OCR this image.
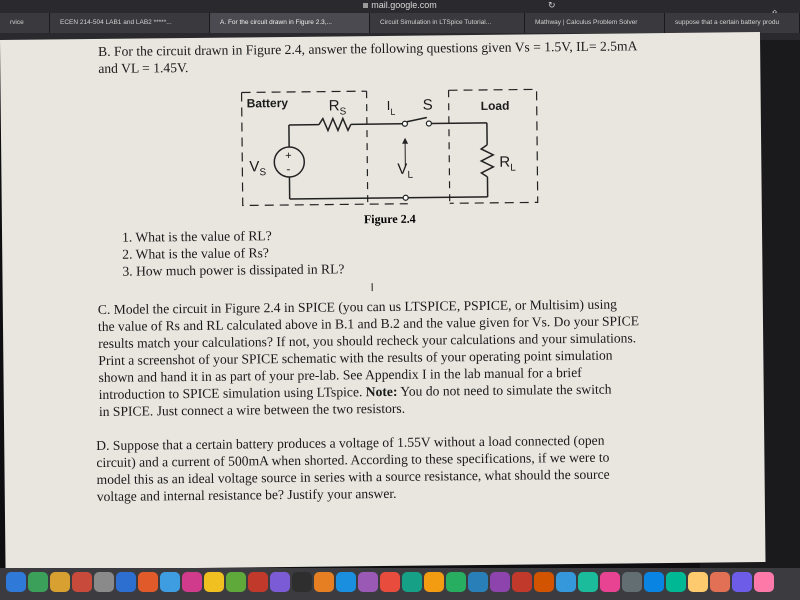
mail.google.com	↻
rvice	ECEN 214-504 LAB1 and LAB2 *****...	A. For the circuit drawn in Figure 2.3,...	Circuit Simulation in LTSpice Tutorial...	Mathway | Calculus Problem Solver	suppose that a certain battery produ
B. For the circuit drawn in Figure 2.4, answer the following questions given Vs = 1.5V, IL= 2.5mA
and VL = 1.45V.
Battery	$R_S$	$I_L$ S	Load
$V_S$
+
-	$V_L$
$R_L$
Figure 2.4
1. What is the value of RL?
2. What is the value of Rs?
3. How much power is dissipated in RL?
I
C. Model the circuit in Figure 2.4 in SPICE (you can us LTSPICE, PSPICE, or Multisim) using
the value of Rs and RL calculated above in B.1 and B.2 and the value given for Vs. Do your SPICE
results match your calculations? If not, you should recheck your calculations and your simulations.
Print a screenshot of your SPICE schematic with the results of your operating point simulation
shown and hand it in as part of your pre-lab. See Appendix I in the lab manual for a brief
introduction to SPICE simulation using LTspice. Note: You do not need to simulate the switch
in SPICE. Just connect a wire between the two resistors.
D. Suppose that a certain battery produces a voltage of 1.55V without a load connected (open
circuit) and a current of 500mA when shorted. According to these specifications, if we were to
model this as an ideal voltage source in series with a source resistance, what should the source
voltage and internal resistance be? Justify your answer.
